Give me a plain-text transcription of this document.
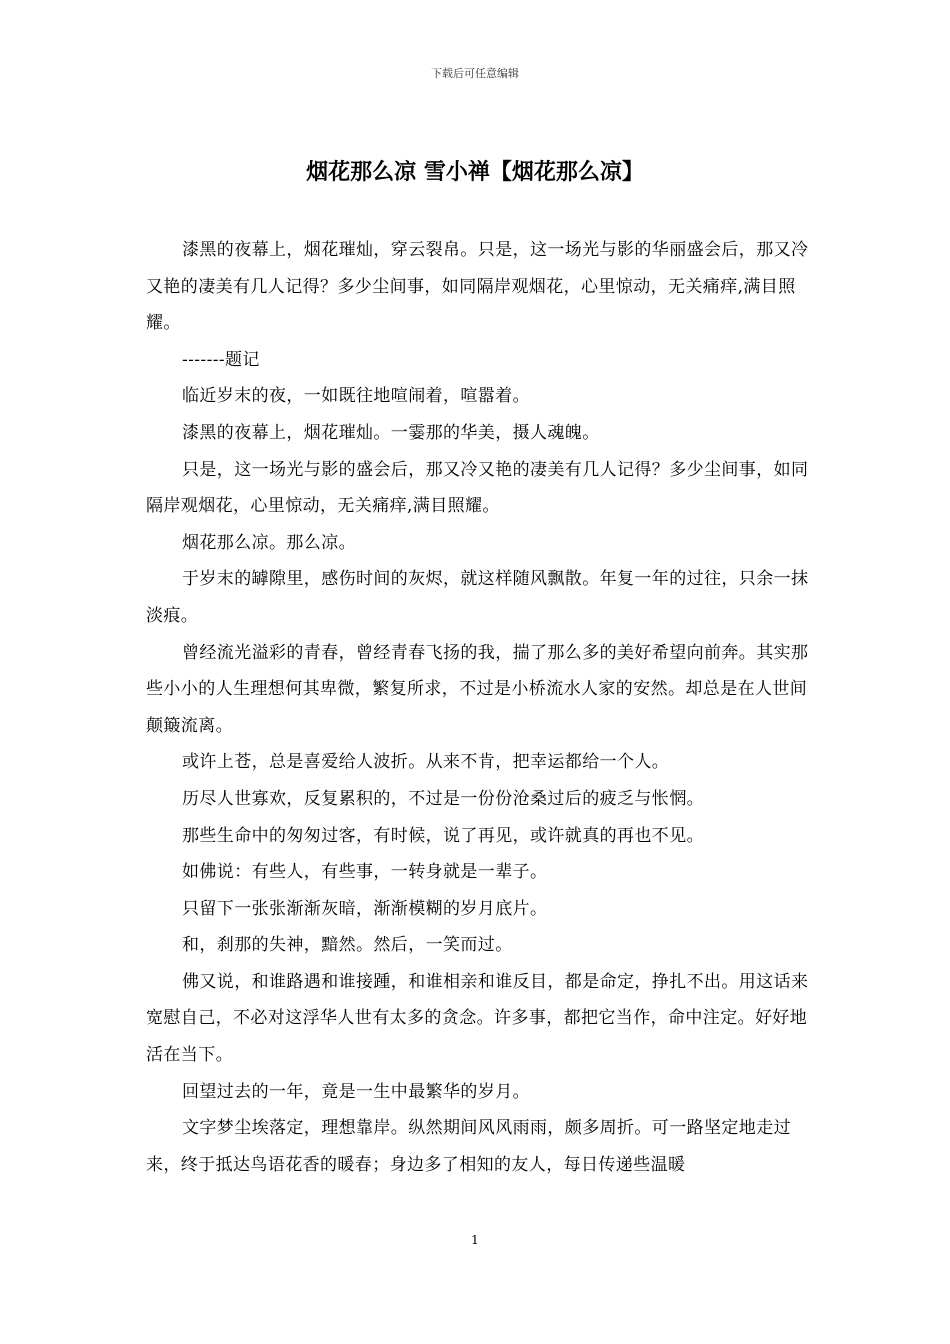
下载后可任意编辑
烟花那么凉 雪小禅【烟花那么凉】

漆黑的夜幕上，烟花璀灿，穿云裂帛。只是，这一场光与影的华丽盛会后，那又冷又艳的凄美有几人记得？多少尘间事，如同隔岸观烟花，心里惊动，无关痛痒,满目照耀。

-------题记

临近岁末的夜，一如既往地喧闹着，喧嚣着。

漆黑的夜幕上，烟花璀灿。一霎那的华美，摄人魂魄。

只是，这一场光与影的盛会后，那又冷又艳的凄美有几人记得？多少尘间事，如同隔岸观烟花，心里惊动，无关痛痒,满目照耀。

烟花那么凉。那么凉。

于岁末的罅隙里，感伤时间的灰烬，就这样随风飘散。年复一年的过往，只余一抹淡痕。

曾经流光溢彩的青春，曾经青春飞扬的我，揣了那么多的美好希望向前奔。其实那些小小的人生理想何其卑微，繁复所求，不过是小桥流水人家的安然。却总是在人世间颠簸流离。

或许上苍，总是喜爱给人波折。从来不肯，把幸运都给一个人。

历尽人世寡欢，反复累积的，不过是一份份沧桑过后的疲乏与怅惘。

那些生命中的匆匆过客，有时候，说了再见，或许就真的再也不见。

如佛说：有些人，有些事，一转身就是一辈子。

只留下一张张渐渐灰暗，渐渐模糊的岁月底片。

和，刹那的失神，黯然。然后，一笑而过。

佛又说，和谁路遇和谁接踵，和谁相亲和谁反目，都是命定，挣扎不出。用这话来宽慰自己，不必对这浮华人世有太多的贪念。许多事，都把它当作，命中注定。好好地活在当下。

回望过去的一年，竟是一生中最繁华的岁月。

文字梦尘埃落定，理想靠岸。纵然期间风风雨雨，颇多周折。可一路坚定地走过来，终于抵达鸟语花香的暖春；身边多了相知的友人，每日传递些温暖

1
